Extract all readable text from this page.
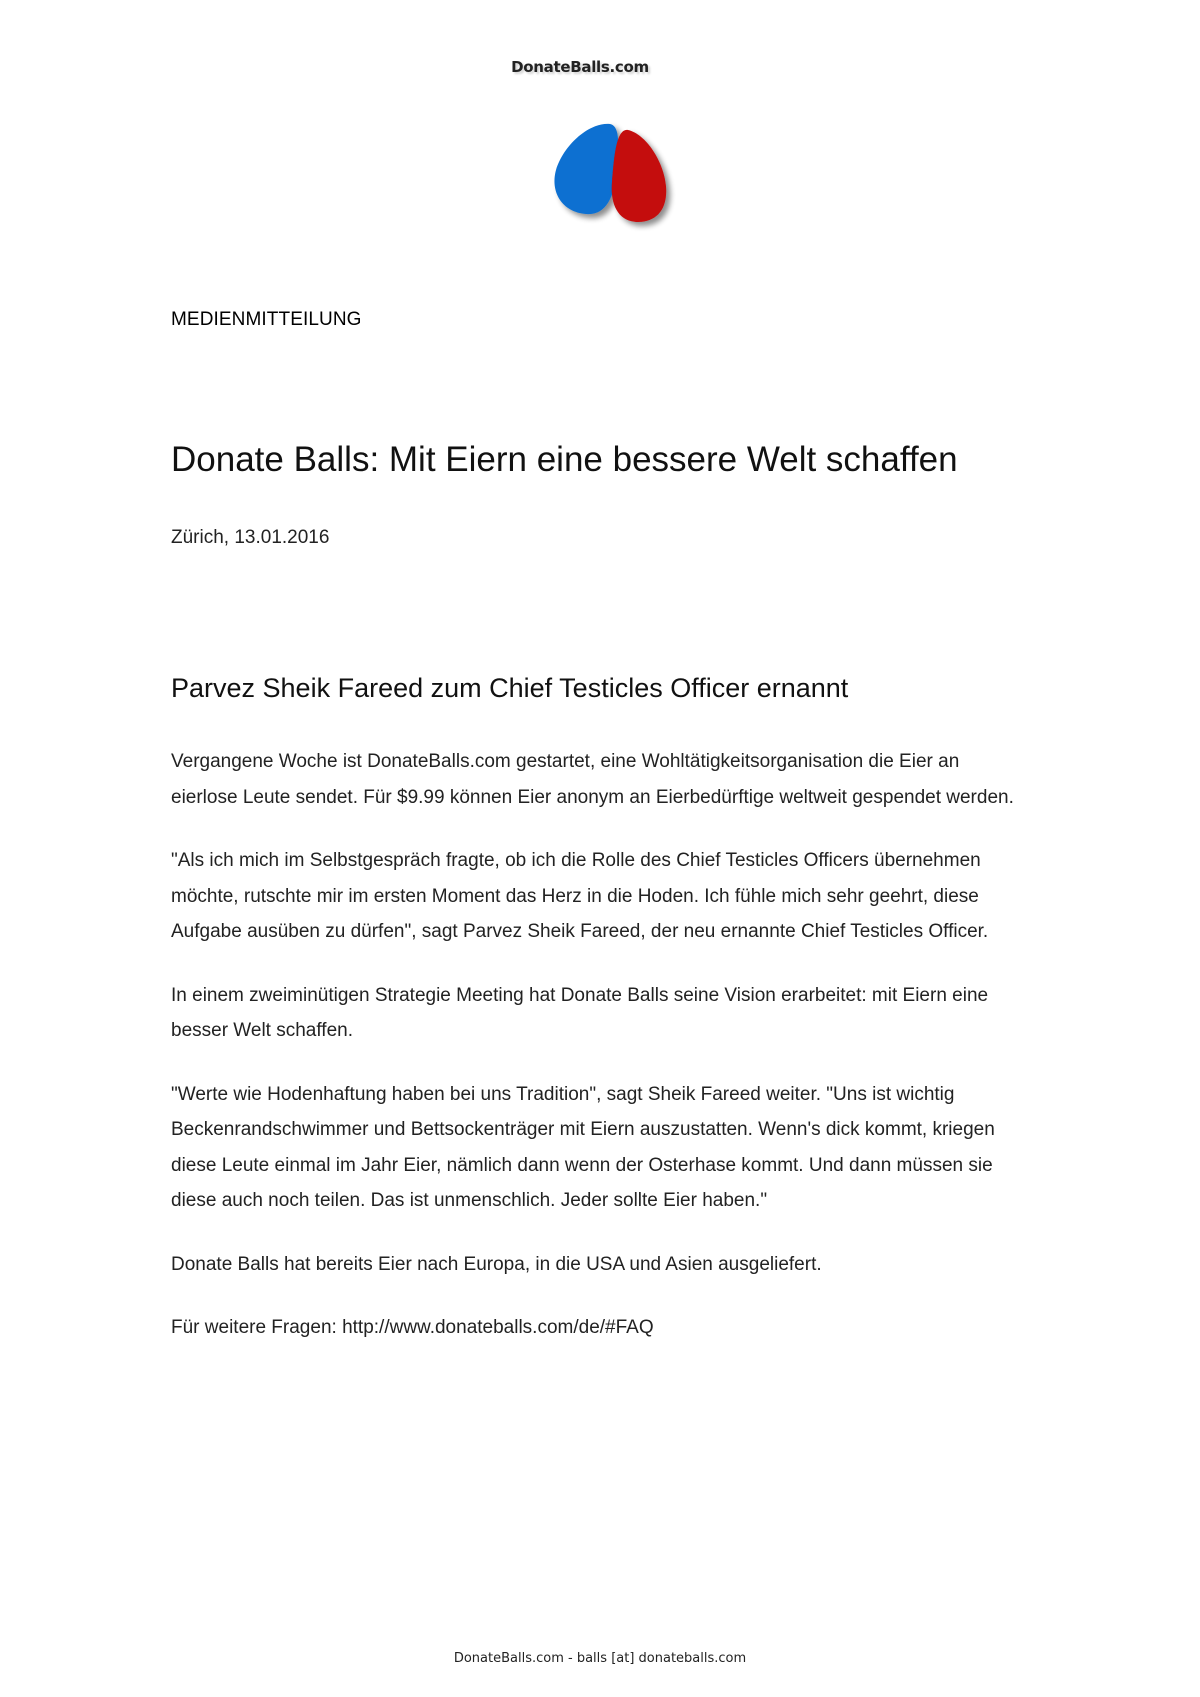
DonateBalls.com
MEDIENMITTEILUNG
Donate Balls: Mit Eiern eine bessere Welt schaffen
Zürich, 13.01.2016
Parvez Sheik Fareed zum Chief Testicles Officer ernannt

Vergangene Woche ist DonateBalls.com gestartet, eine Wohltätigkeitsorganisation die Eier an eierlose Leute sendet. Für $9.99 können Eier anonym an Eierbedürftige weltweit gespendet werden.

"Als ich mich im Selbstgespräch fragte, ob ich die Rolle des Chief Testicles Officers übernehmen möchte, rutschte mir im ersten Moment das Herz in die Hoden. Ich fühle mich sehr geehrt, diese Aufgabe ausüben zu dürfen", sagt Parvez Sheik Fareed, der neu ernannte Chief Testicles Officer.

In einem zweiminütigen Strategie Meeting hat Donate Balls seine Vision erarbeitet: mit Eiern eine besser Welt schaffen.

"Werte wie Hodenhaftung haben bei uns Tradition", sagt Sheik Fareed weiter. "Uns ist wichtig Beckenrandschwimmer und Bettsockenträger mit Eiern auszustatten. Wenn's dick kommt, kriegen diese Leute einmal im Jahr Eier, nämlich dann wenn der Osterhase kommt. Und dann müssen sie diese auch noch teilen. Das ist unmenschlich. Jeder sollte Eier haben."

Donate Balls hat bereits Eier nach Europa, in die USA und Asien ausgeliefert.

Für weitere Fragen: http://www.donateballs.com/de/#FAQ

DonateBalls.com - balls [at] donateballs.com
